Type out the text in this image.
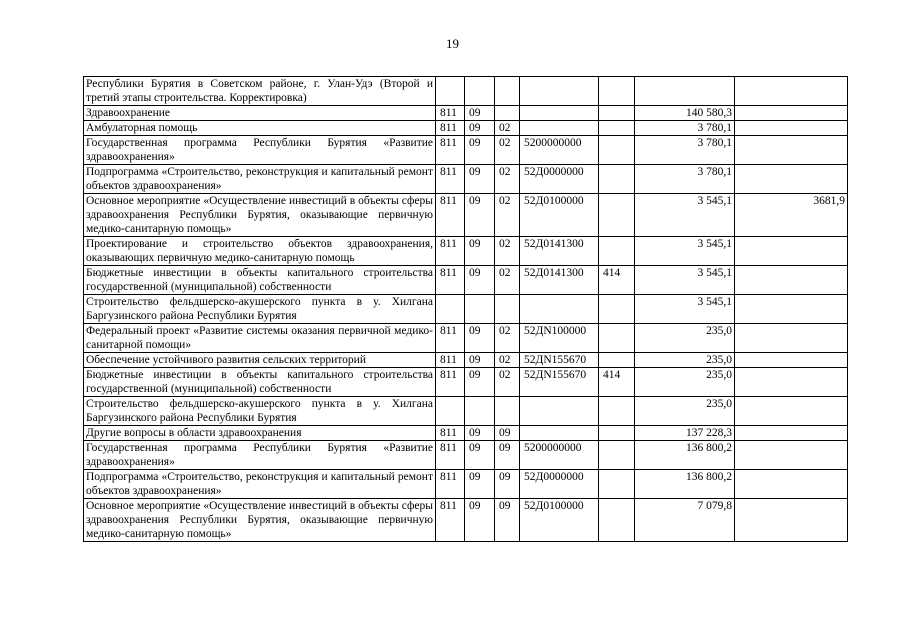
19
Республики Бурятия в Советском районе, г. Улан-Удэ (Второй и третий этапы строительства. Корректировка)							
Здравоохранение	811	09				140 580,3	
Амбулаторная помощь	811	09	02			3 780,1	
Государственная программа Республики Бурятия «Развитие здравоохранения»	811	09	02	5200000000		3 780,1	
Подпрограмма «Строительство, реконструкция и капитальный ремонт объектов здравоохранения»	811	09	02	52Д0000000		3 780,1	
Основное мероприятие «Осуществление инвестиций в объекты сферы здравоохранения Республики Бурятия, оказывающие первичную медико-санитарную помощь»	811	09	02	52Д0100000		3 545,1	3681,9
Проектирование и строительство объектов здравоохранения, оказывающих первичную медико-санитарную помощь	811	09	02	52Д0141300		3 545,1	
Бюджетные инвестиции в объекты капитального строительства государственной (муниципальной) собственности	811	09	02	52Д0141300	414	3 545,1	
Строительство фельдшерско-акушерского пункта в у. Хилгана Баргузинского района Республики Бурятия						3 545,1	
Федеральный проект «Развитие системы оказания первичной медико-санитарной помощи»	811	09	02	52ДN100000		235,0	
Обеспечение устойчивого развития сельских территорий	811	09	02	52ДN155670		235,0	
Бюджетные инвестиции в объекты капитального строительства государственной (муниципальной) собственности	811	09	02	52ДN155670	414	235,0	
Строительство фельдшерско-акушерского пункта в у. Хилгана Баргузинского района Республики Бурятия						235,0	
Другие вопросы в области здравоохранения	811	09	09			137 228,3	
Государственная программа Республики Бурятия «Развитие здравоохранения»	811	09	09	5200000000		136 800,2	
Подпрограмма «Строительство, реконструкция и капитальный ремонт объектов здравоохранения»	811	09	09	52Д0000000		136 800,2	
Основное мероприятие «Осуществление инвестиций в объекты сферы здравоохранения Республики Бурятия, оказывающие первичную медико-санитарную помощь»	811	09	09	52Д0100000		7 079,8	
